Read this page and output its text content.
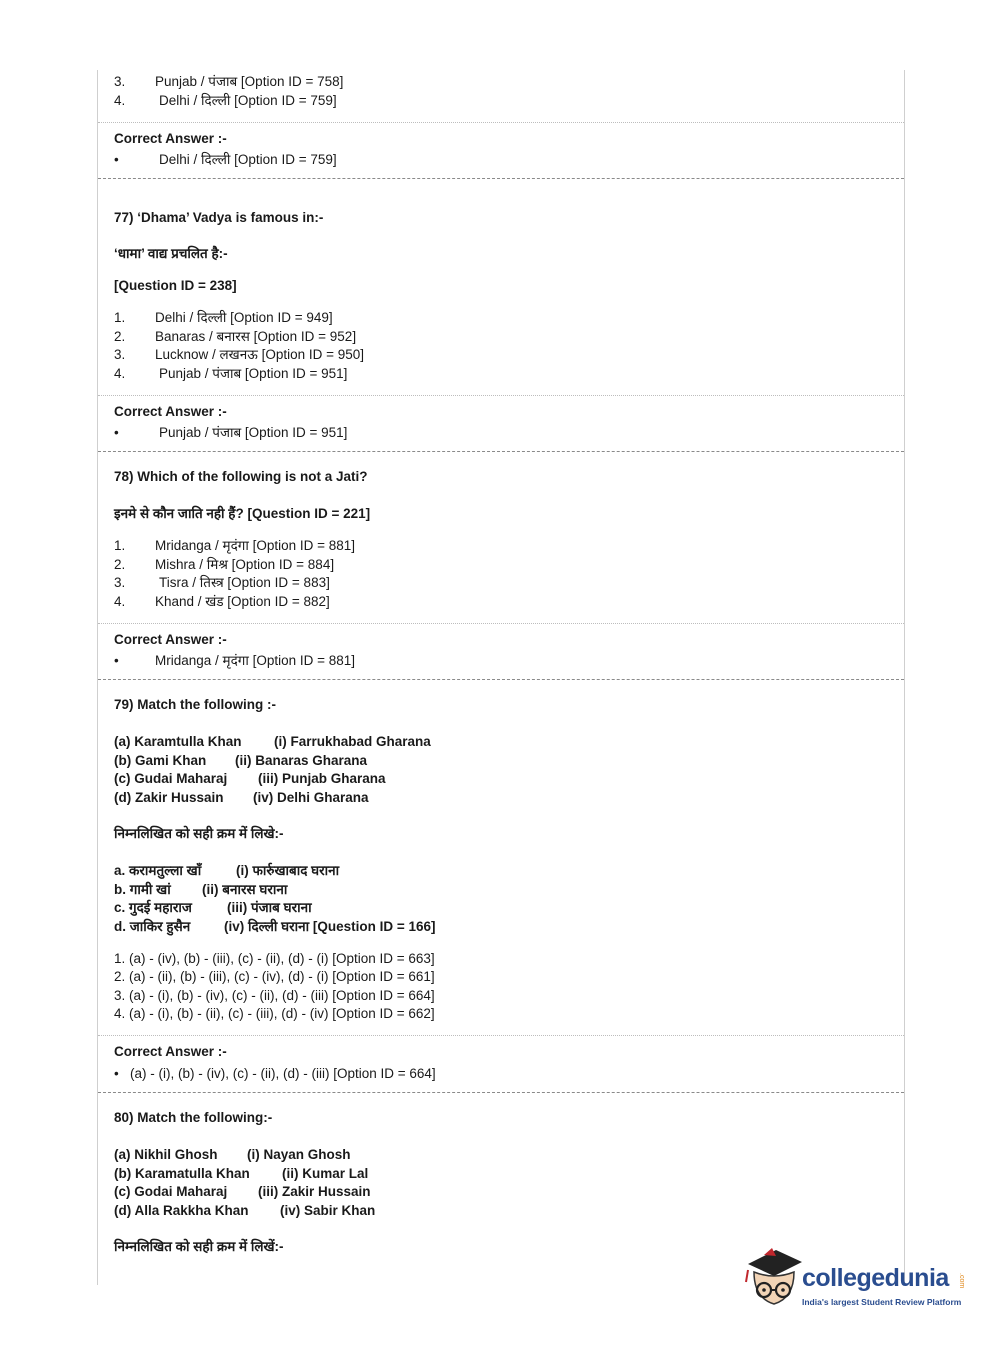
3. Punjab / पंजाब [Option ID = 758]
4. Delhi / दिल्ली [Option ID = 759]
Correct Answer :-
•	Delhi / दिल्ली [Option ID = 759]
77) ‘Dhama’ Vadya is famous in:-
‘धामा’ वाद्य प्रचलित है:-
[Question ID = 238]
1. Delhi / दिल्ली [Option ID = 949]
2. Banaras / बनारस [Option ID = 952]
3. Lucknow / लखनऊ [Option ID = 950]
4. Punjab / पंजाब [Option ID = 951]
Correct Answer :-
•	Punjab / पंजाब [Option ID = 951]
78) Which of the following is not a Jati?
इनमे से कौन जाति नही हैं? [Question ID = 221]
1. Mridanga / मृदंगा [Option ID = 881]
2. Mishra / मिश्र [Option ID = 884]
3. Tisra / तिस्त्र [Option ID = 883]
4. Khand / खंड [Option ID = 882]
Correct Answer :-
•	Mridanga / मृदंगा [Option ID = 881]
79) Match the following :-
(a) Karamtulla Khan (i) Farrukhabad Gharana
(b) Gami Khan (ii) Banaras Gharana
(c) Gudai Maharaj (iii) Punjab Gharana
(d) Zakir Hussain (iv) Delhi Gharana
निम्नलिखित को सही क्रम में लिखे:-
a. करामतुल्ला खाँ	(i) फार्रुखाबाद घराना
b. गामी खां (ii) बनारस घराना
c. गुदई महाराज	(iii) पंजाब घराना
d. जाकिर हुसैन	(iv) दिल्ली घराना [Question ID = 166]
1. (a) - (iv), (b) - (iii), (c) - (ii), (d) - (i) [Option ID = 663]
2. (a) - (ii), (b) - (iii), (c) - (iv), (d) - (i) [Option ID = 661]
3. (a) - (i), (b) - (iv), (c) - (ii), (d) - (iii) [Option ID = 664]
4. (a) - (i), (b) - (ii), (c) - (iii), (d) - (iv) [Option ID = 662]
Correct Answer :-
• (a) - (i), (b) - (iv), (c) - (ii), (d) - (iii) [Option ID = 664]
80) Match the following:-
(a) Nikhil Ghosh (i) Nayan Ghosh
(b) Karamatulla Khan (ii) Kumar Lal
(c) Godai Maharaj (iii) Zakir Hussain
(d) Alla Rakkha Khan (iv) Sabir Khan
निम्नलिखित को सही क्रम में लिखें:-
collegedunia .com
India's largest Student Review Platform
